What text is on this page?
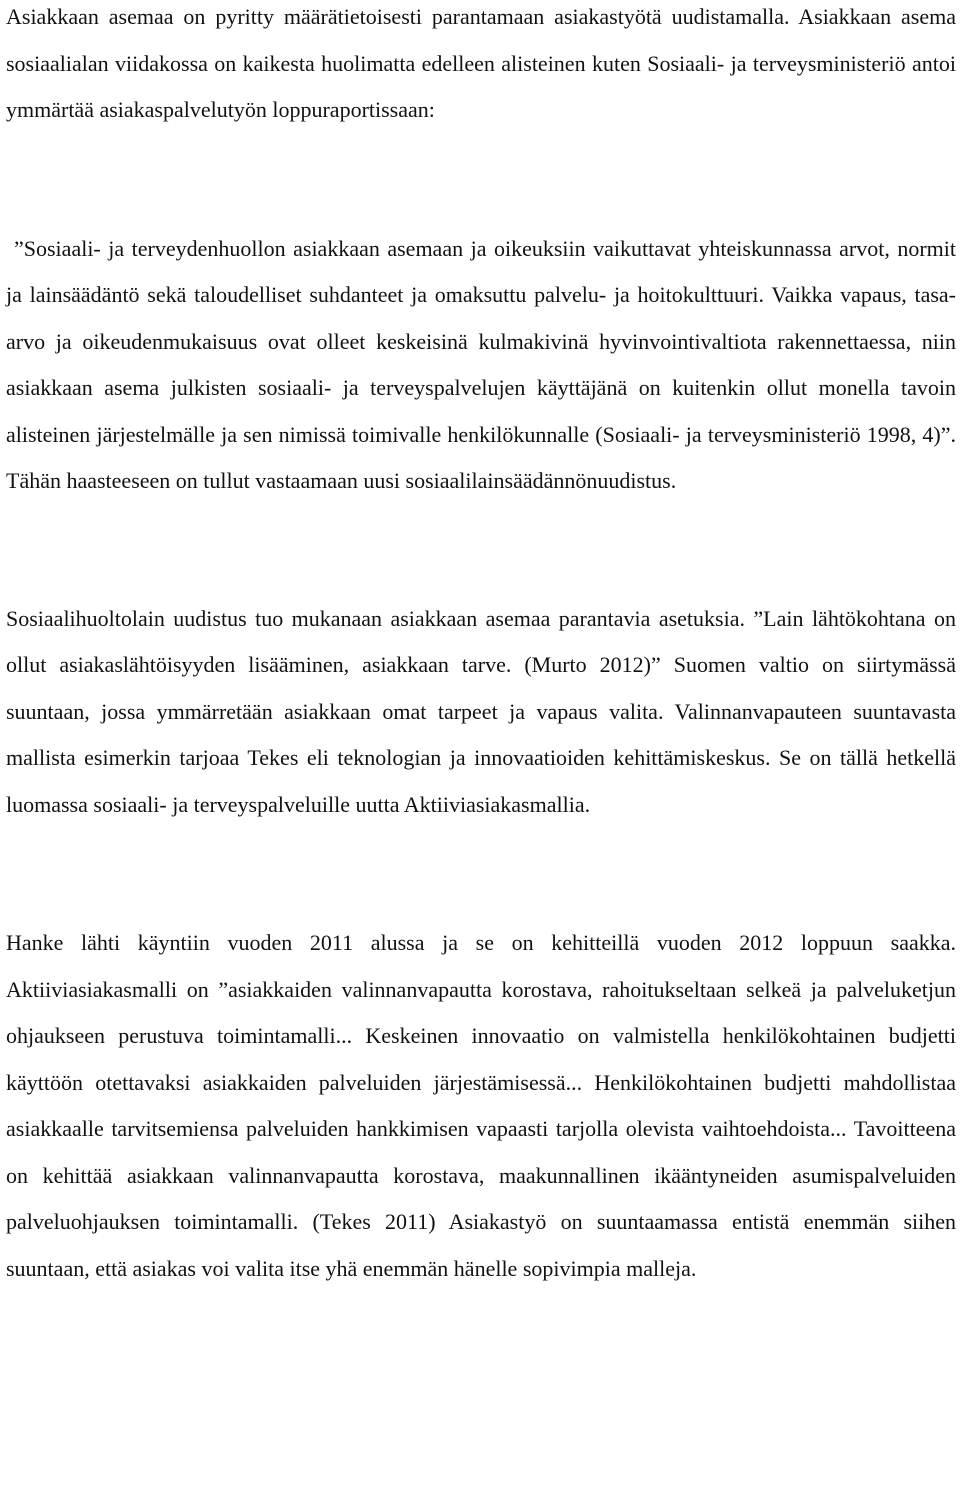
Asiakkaan asemaa on pyritty määrätietoisesti parantamaan asiakastyötä uudistamalla. Asiakkaan asema sosiaalialan viidakossa on kaikesta huolimatta edelleen alisteinen kuten Sosiaali- ja terveysministeriö antoi ymmärtää asiakaspalvelutyön loppuraportissaan:

”Sosiaali- ja terveydenhuollon asiakkaan asemaan ja oikeuksiin vaikuttavat yhteiskunnassa arvot, normit ja lainsäädäntö sekä taloudelliset suhdanteet ja omaksuttu palvelu- ja hoitokulttuuri. Vaikka vapaus, tasa-arvo ja oikeudenmukaisuus ovat olleet keskeisinä kulmakivinä hyvinvointivaltiota rakennettaessa, niin asiakkaan asema julkisten sosiaali- ja terveyspalvelujen käyttäjänä on kuitenkin ollut monella tavoin alisteinen järjestelmälle ja sen nimissä toimivalle henkilökunnalle (Sosiaali- ja terveysministeriö 1998, 4)”. Tähän haasteeseen on tullut vastaamaan uusi sosiaalilainsäädännönuudistus.

Sosiaalihuoltolain uudistus tuo mukanaan asiakkaan asemaa parantavia asetuksia. ”Lain lähtökohtana on ollut asiakaslähtöisyyden lisääminen, asiakkaan tarve. (Murto 2012)” Suomen valtio on siirtymässä suuntaan, jossa ymmärretään asiakkaan omat tarpeet ja vapaus valita. Valinnanvapauteen suuntavasta mallista esimerkin tarjoaa Tekes eli teknologian ja innovaatioiden kehittämiskeskus. Se on tällä hetkellä luomassa sosiaali- ja terveyspalveluille uutta Aktiiviasiakasmallia.

Hanke lähti käyntiin vuoden 2011 alussa ja se on kehitteillä vuoden 2012 loppuun saakka. Aktiiviasiakasmalli on ”asiakkaiden valinnanvapautta korostava, rahoitukseltaan selkeä ja palveluketjun ohjaukseen perustuva toimintamalli... Keskeinen innovaatio on valmistella henkilökohtainen budjetti käyttöön otettavaksi asiakkaiden palveluiden järjestämisessä... Henkilökohtainen budjetti mahdollistaa asiakkaalle tarvitsemiensa palveluiden hankkimisen vapaasti tarjolla olevista vaihtoehdoista... Tavoitteena on kehittää asiakkaan valinnanvapautta korostava, maakunnallinen ikääntyneiden asumispalveluiden palveluohjauksen toimintamalli. (Tekes 2011) Asiakastyö on suuntaamassa entistä enemmän siihen suuntaan, että asiakas voi valita itse yhä enemmän hänelle sopivimpia malleja.
